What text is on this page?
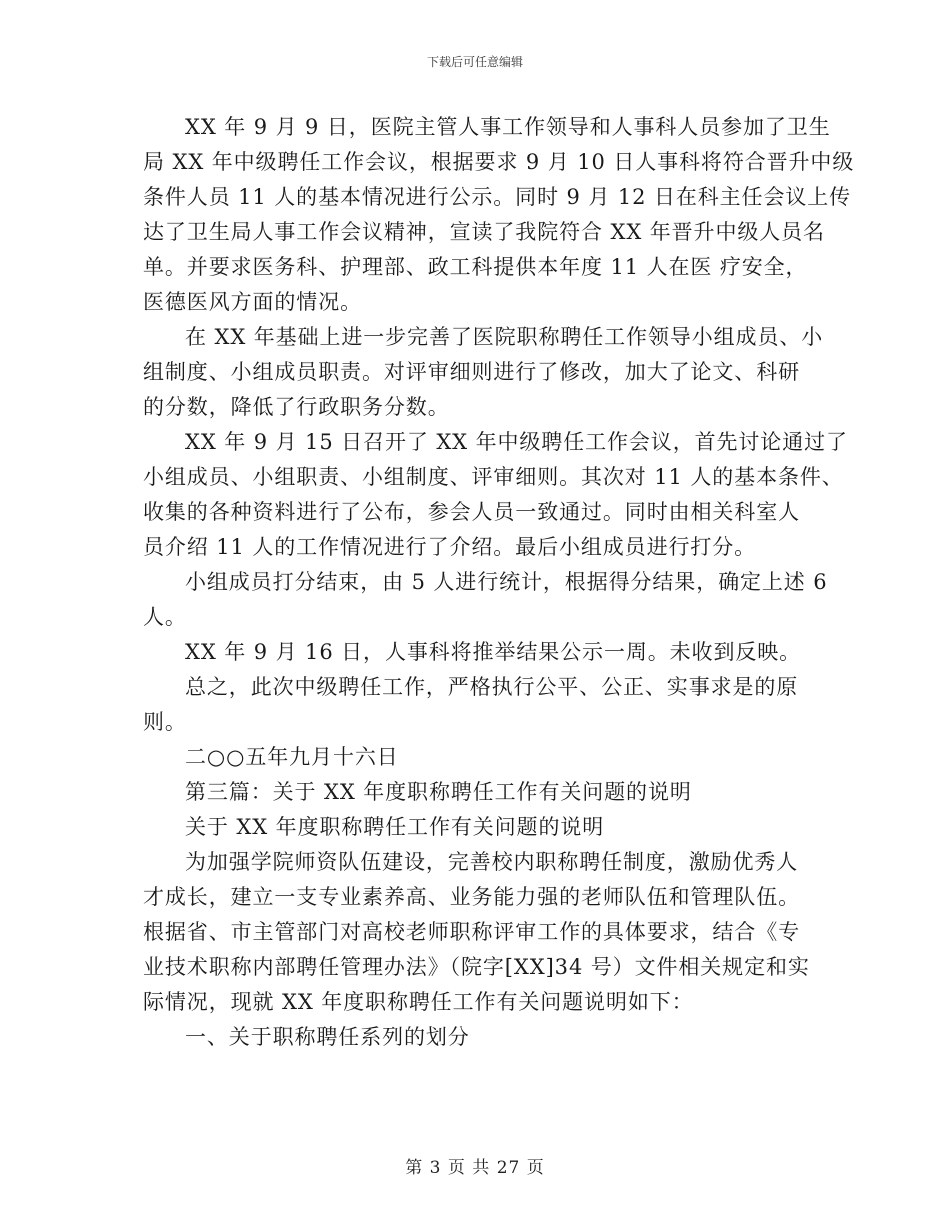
下载后可任意编辑
XX 年 9 月 9 日，医院主管人事工作领导和人事科人员参加了卫生
局 XX 年中级聘任工作会议，根据要求 9 月 10 日人事科将符合晋升中级
条件人员 11 人的基本情况进行公示。同时 9 月 12 日在科主任会议上传
达了卫生局人事工作会议精神，宣读了我院符合 XX 年晋升中级人员名
单。并要求医务科、护理部、政工科提供本年度 11 人在医 疗安全，
医德医风方面的情况。
在 XX 年基础上进一步完善了医院职称聘任工作领导小组成员、小
组制度、小组成员职责。对评审细则进行了修改，加大了论文、科研
的分数，降低了行政职务分数。
XX 年 9 月 15 日召开了 XX 年中级聘任工作会议，首先讨论通过了
小组成员、小组职责、小组制度、评审细则。其次对 11 人的基本条件、
收集的各种资料进行了公布，参会人员一致通过。同时由相关科室人
员介绍 11 人的工作情况进行了介绍。最后小组成员进行打分。
小组成员打分结束，由 5 人进行统计，根据得分结果，确定上述 6
人。
XX 年 9 月 16 日，人事科将推举结果公示一周。未收到反映。
总之，此次中级聘任工作，严格执行公平、公正、实事求是的原
则。
二○○五年九月十六日
第三篇：关于 XX 年度职称聘任工作有关问题的说明
关于 XX 年度职称聘任工作有关问题的说明
为加强学院师资队伍建设，完善校内职称聘任制度，激励优秀人
才成长，建立一支专业素养高、业务能力强的老师队伍和管理队伍。
根据省、市主管部门对高校老师职称评审工作的具体要求，结合《专
业技术职称内部聘任管理办法》（院字[XX]34 号）文件相关规定和实
际情况，现就 XX 年度职称聘任工作有关问题说明如下：
一、关于职称聘任系列的划分
第 3 页 共 27 页
